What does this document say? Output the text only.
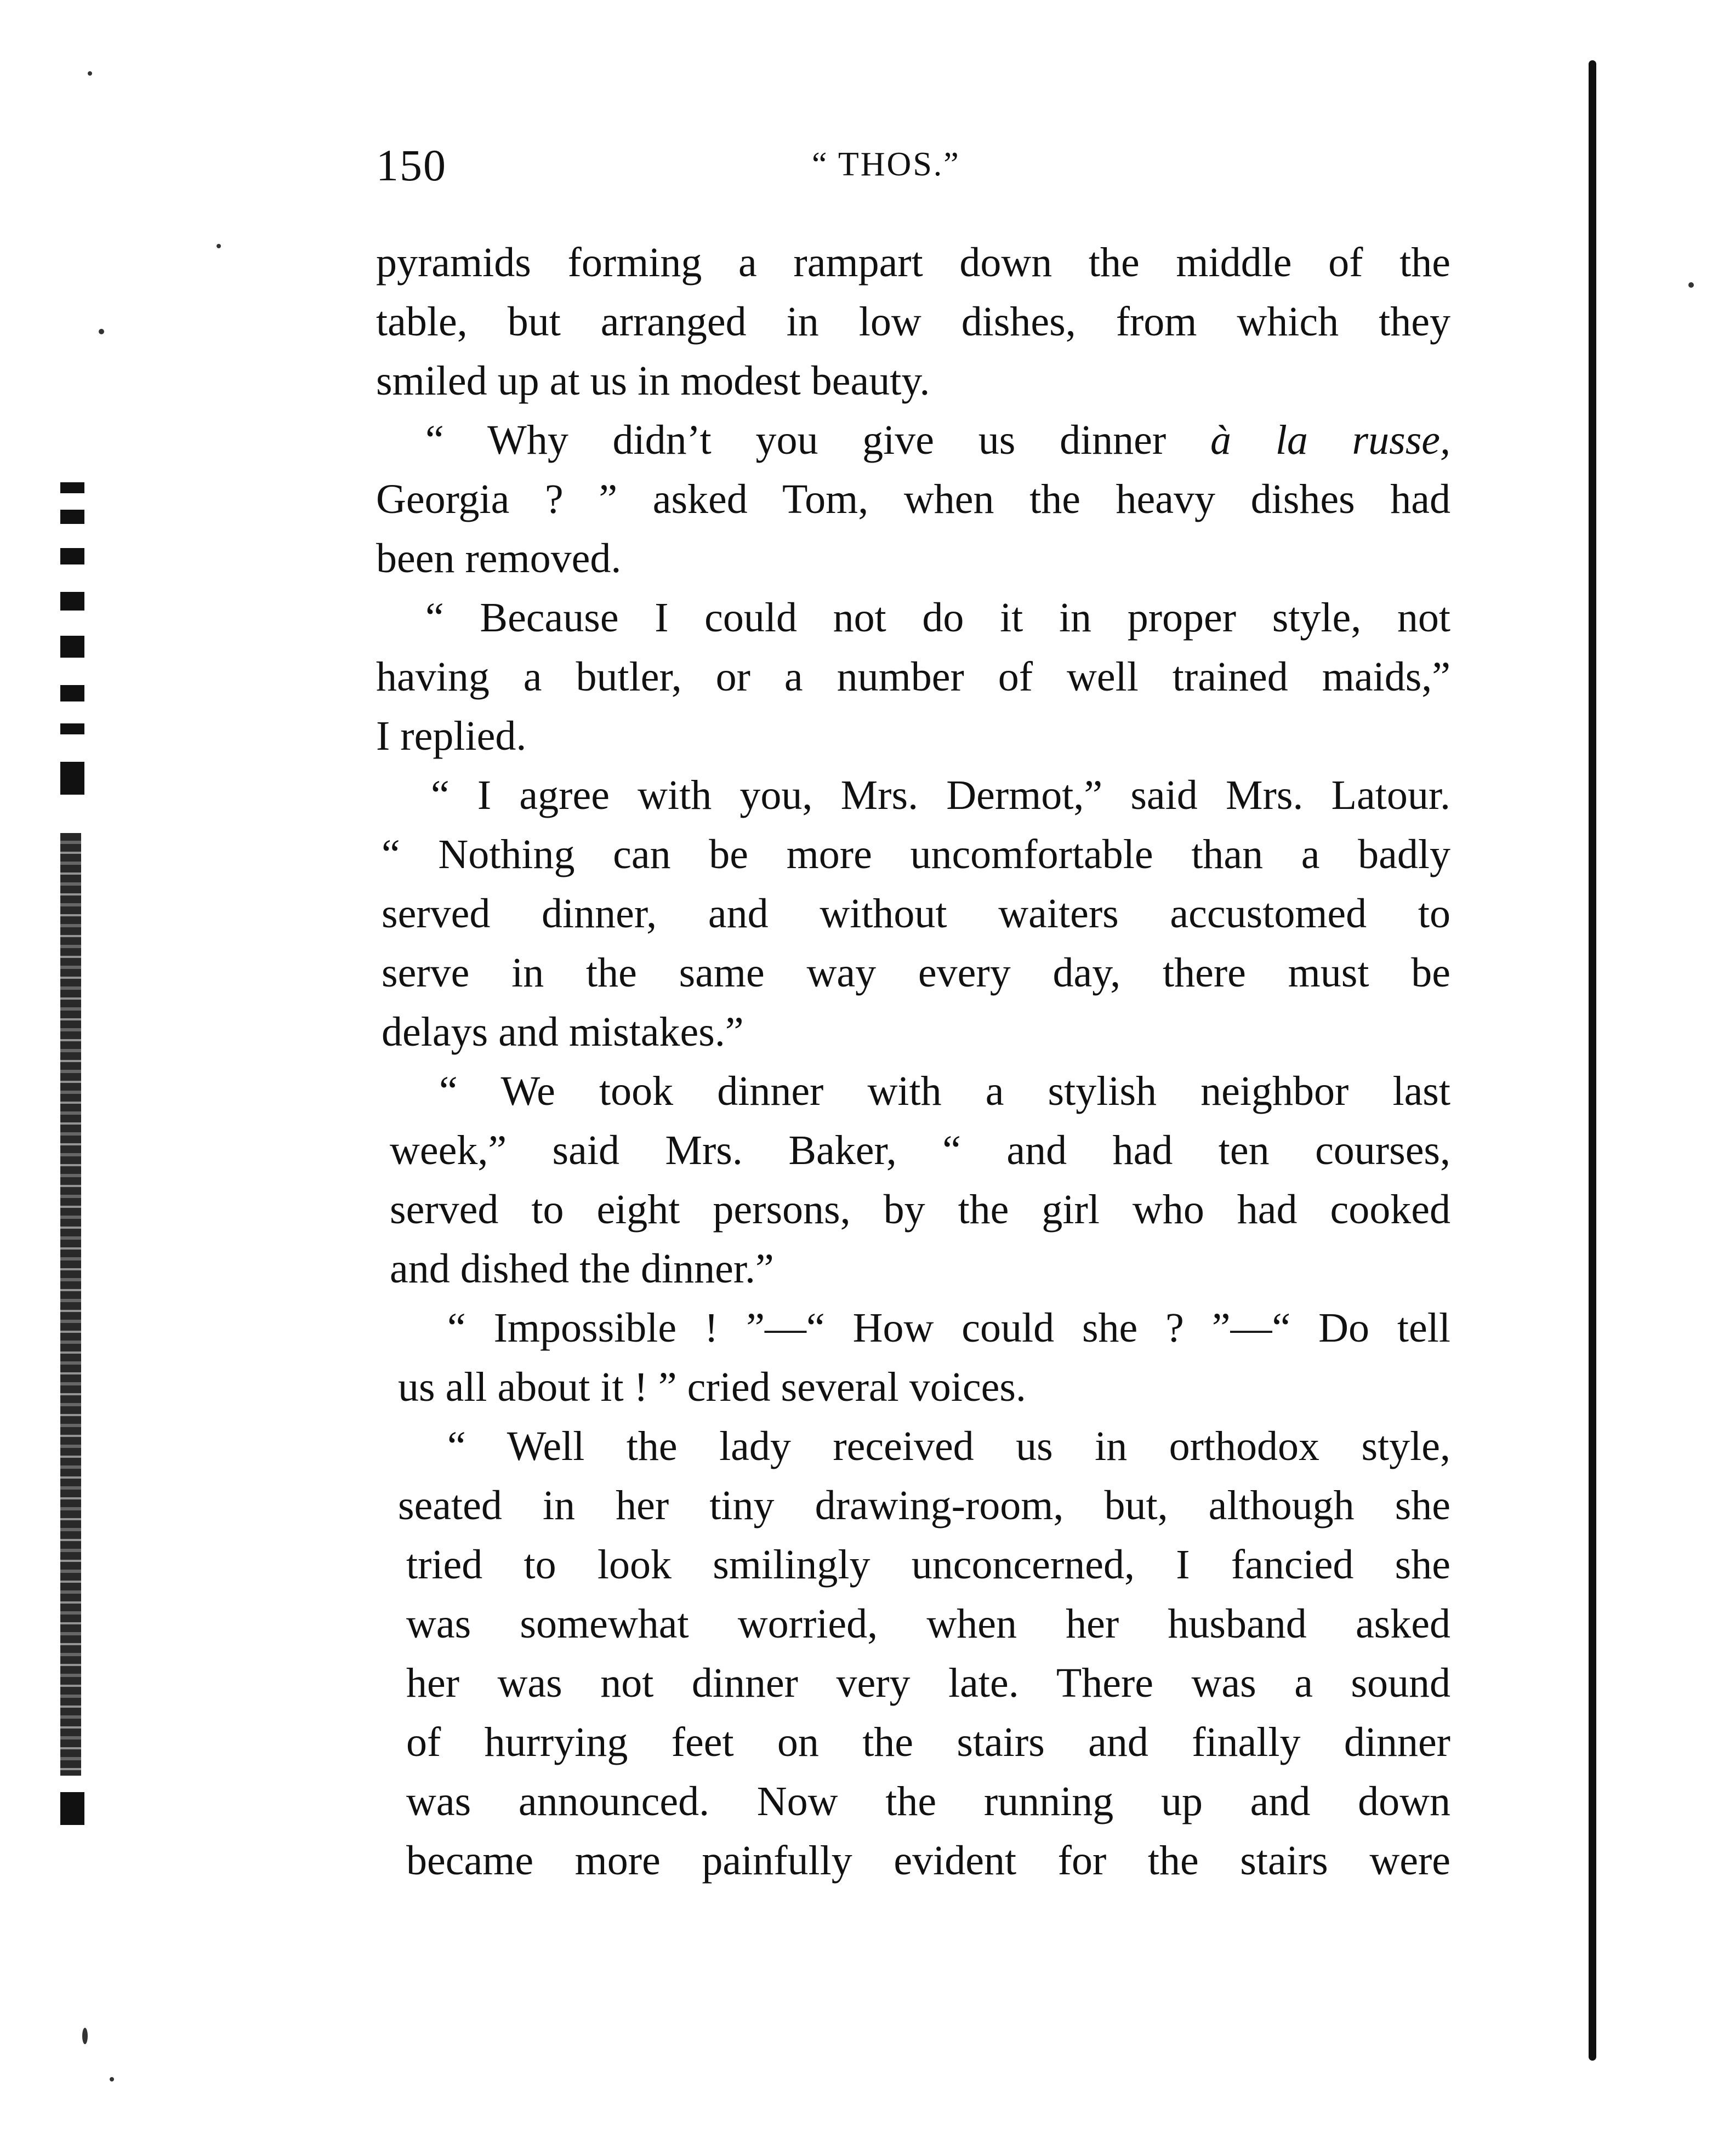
150	“ THOS.”
pyramids forming a rampart down the middle of the
table, but arranged in low dishes, from which they
smiled up at us in modest beauty.
“ Why didn’t you give us dinner à la russe,
Georgia ? ” asked Tom, when the heavy dishes had
been removed.
“ Because I could not do it in proper style, not
having a butler, or a number of well trained maids,”
I replied.
“ I agree with you, Mrs. Dermot,” said Mrs. Latour.
“ Nothing can be more uncomfortable than a badly
served dinner, and without waiters accustomed to
serve in the same way every day, there must be
delays and mistakes.”
“ We took dinner with a stylish neighbor last
week,” said Mrs. Baker, “ and had ten courses,
served to eight persons, by the girl who had cooked
and dished the dinner.”
“ Impossible ! ”—“ How could she ? ”—“ Do tell
us all about it ! ” cried several voices.
“ Well the lady received us in orthodox style,
seated in her tiny drawing-room, but, although she
tried to look smilingly unconcerned, I fancied she
was somewhat worried, when her husband asked
her was not dinner very late. There was a sound
of hurrying feet on the stairs and finally dinner
was announced. Now the running up and down
became more painfully evident for the stairs were
